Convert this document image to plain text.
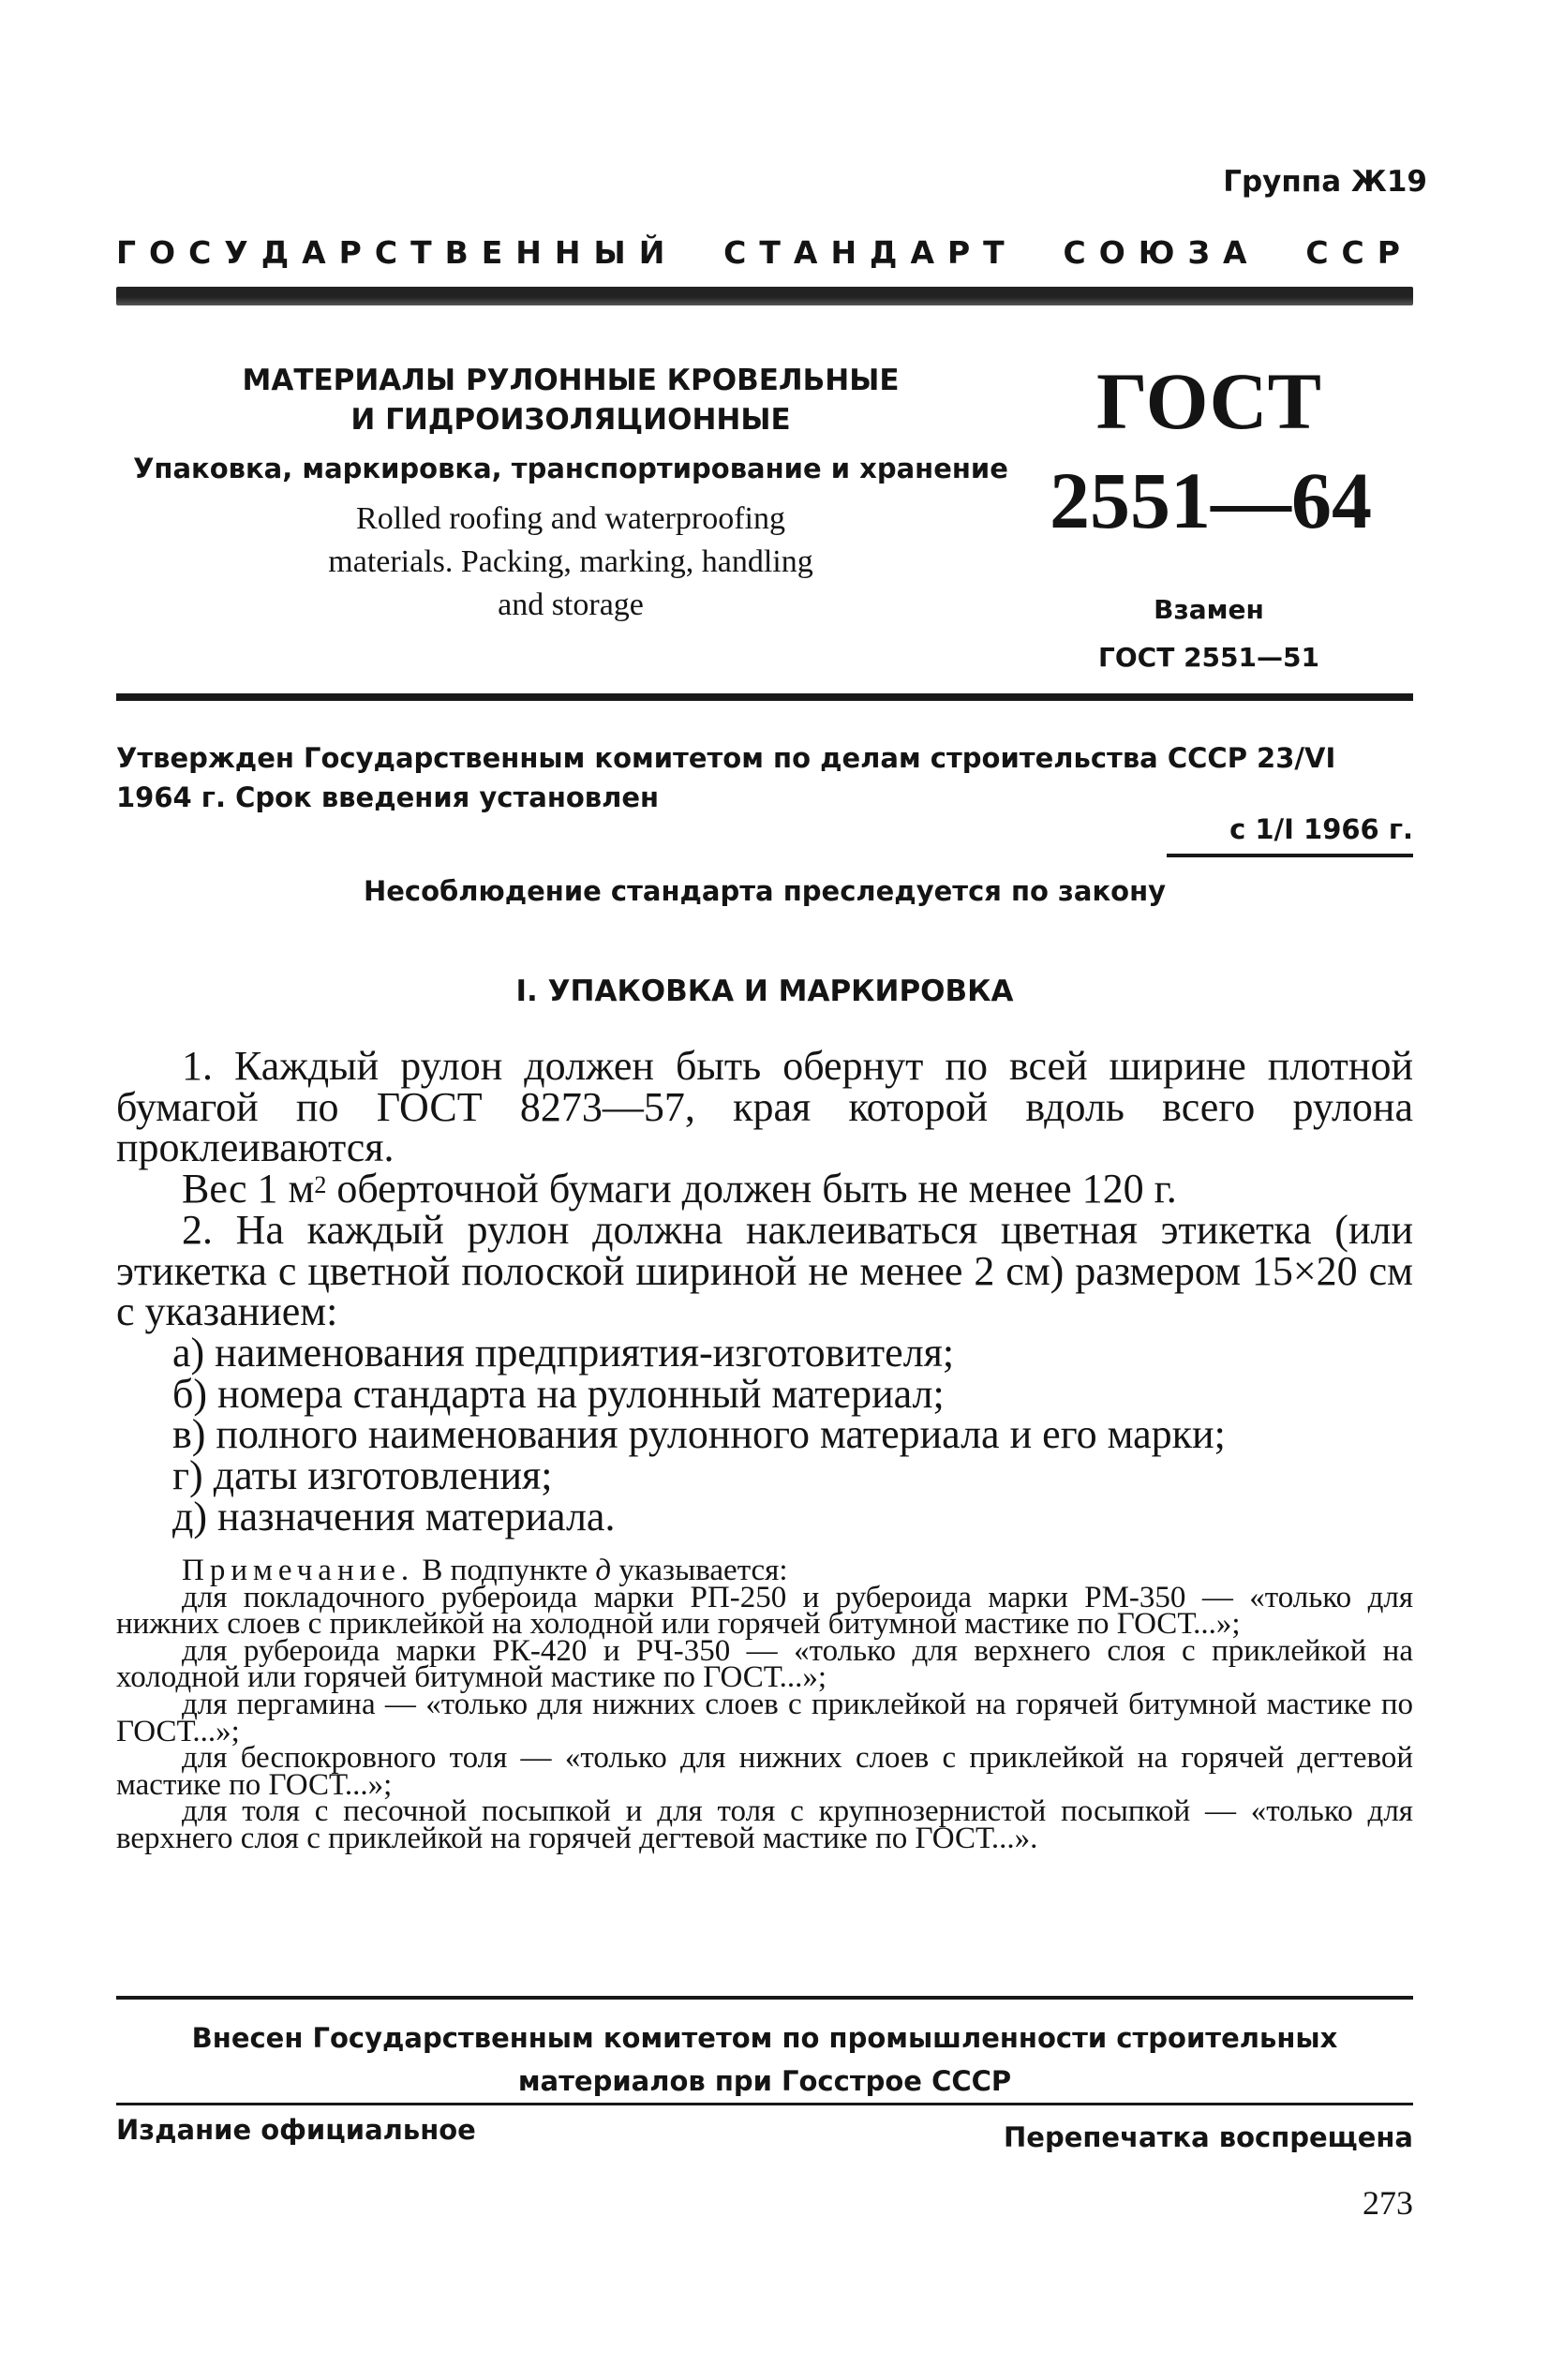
Группа Ж19
ГОСУДАРСТВЕННЫЙ СТАНДАРТ СОЮЗА ССР
МАТЕРИАЛЫ РУЛОННЫЕ КРОВЕЛЬНЫЕ
И ГИДРОИЗОЛЯЦИОННЫЕ
Упаковка, маркировка, транспортирование и хранение
Rolled roofing and waterproofing
materials. Packing, marking, handling
and storage
ГОСТ
2551—64
Взамен
ГОСТ 2551—51
Утвержден Государственным комитетом по делам строительства СССР 23/VI 1964 г. Срок введения установлен
с 1/I 1966 г.
Несоблюдение стандарта преследуется по закону
I. УПАКОВКА И МАРКИРОВКА
1. Каждый рулон должен быть обернут по всей ширине плотной бумагой по ГОСТ 8273—57, края которой вдоль всего рулона проклеиваются.
Вес 1 $м^2$ оберточной бумаги должен быть не менее 120 г.
2. На каждый рулон должна наклеиваться цветная этикетка (или этикетка с цветной полоской шириной не менее 2 см) размером 15×20 см с указанием:
а) наименования предприятия-изготовителя;
б) номера стандарта на рулонный материал;
в) полного наименования рулонного материала и его марки;
г) даты изготовления;
д) назначения материала.
Примечание. В подпункте д указывается:
для покладочного рубероида марки РП-250 и рубероида марки РМ-350 — «только для нижних слоев с приклейкой на холодной или горячей битумной мастике по ГОСТ...»;
для рубероида марки РК-420 и РЧ-350 — «только для верхнего слоя с приклейкой на холодной или горячей битумной мастике по ГОСТ...»;
для пергамина — «только для нижних слоев с приклейкой на горячей битумной мастике по ГОСТ...»;
для беспокровного толя — «только для нижних слоев с приклейкой на горячей дегтевой мастике по ГОСТ...»;
для толя с песочной посыпкой и для толя с крупнозернистой посыпкой — «только для верхнего слоя с приклейкой на горячей дегтевой мастике по ГОСТ...».
Внесен Государственным комитетом по промышленности строительных
материалов при Госстрое СССР
Издание официальное	Перепечатка воспрещена
273
